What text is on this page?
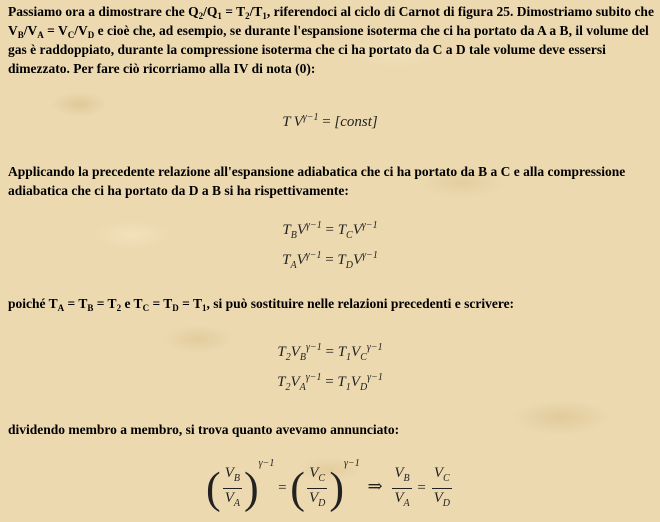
Passiamo ora a dimostrare che $Q_2/Q_1 = T_2/T_1$, riferendoci al ciclo di Carnot di figura 25. Dimostriamo subito che $V_B/V_A = V_C/V_D$ e cioè che, ad esempio, se durante l'espansione isoterma che ci ha portato da A a B, il volume del gas è raddoppiato, durante la compressione isoterma che ci ha portato da C a D tale volume deve essersi dimezzato. Per fare ciò ricorriamo alla IV di nota (0):

T  $V^{\gamma-1}$ = [const]

Applicando la precedente relazione all'espansione adiabatica che ci ha portato da B a C e alla compressione adiabatica che ci ha portato da D a B si ha rispettivamente:

$T_BV^{\gamma-1} = T_CV^{\gamma-1}$
$T_AV^{\gamma-1} = T_DV^{\gamma-1}$

poiché $T_A = T_B = T_2$ e $T_C = T_D = T_1$, si può sostituire nelle relazioni precedenti e scrivere:

$T_2V_B^{\gamma-1} = T_1V_C^{\gamma-1}$
$T_2V_A^{\gamma-1} = T_1V_D^{\gamma-1}$

dividendo membro a membro, si trova quanto avevamo annunciato:

( $\frac{V_B}{V_A} )^{\gamma-1}$ = ( $\frac{V_C}{V_D} )^{\gamma-1}$ ⇒ $\frac{V_B}{V_A} = \frac{V_C}{V_D}$
